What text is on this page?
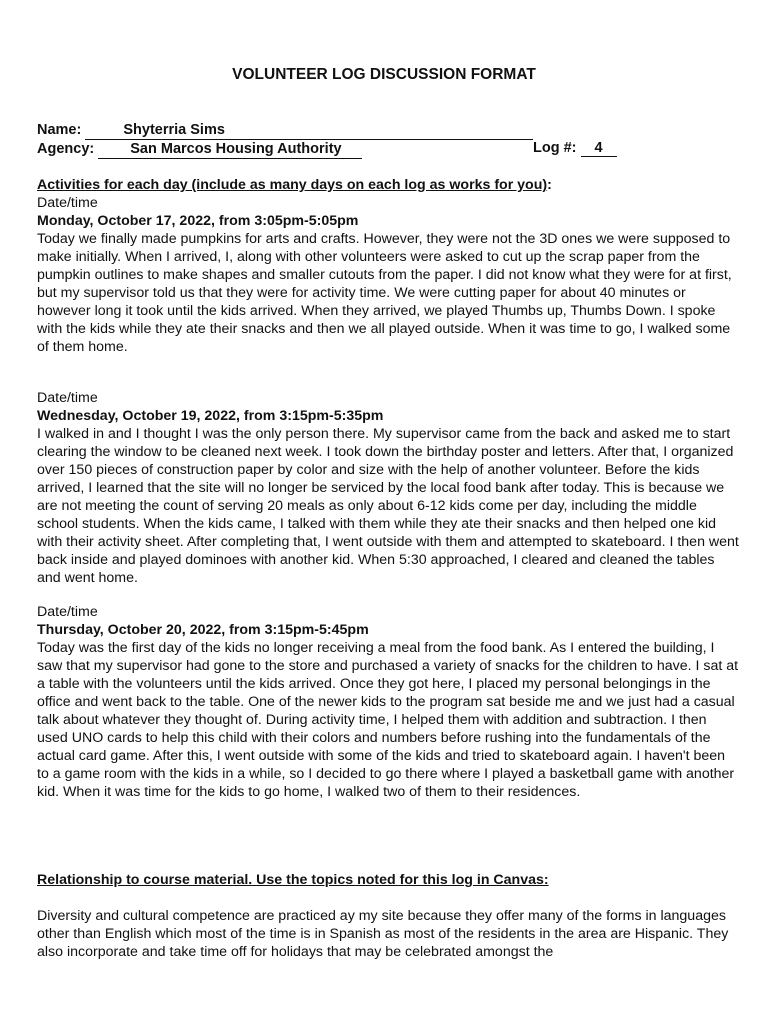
VOLUNTEER LOG DISCUSSION FORMAT
Name:	Shyterria Sims
Agency: San Marcos Housing Authority	Log #: 4

Activities for each day (include as many days on each log as works for you):

Date/time

Monday, October 17, 2022, from 3:05pm-5:05pm

Today we finally made pumpkins for arts and crafts. However, they were not the 3D ones we were supposed to make initially. When I arrived, I, along with other volunteers were asked to cut up the scrap paper from the pumpkin outlines to make shapes and smaller cutouts from the paper. I did not know what they were for at first, but my supervisor told us that they were for activity time. We were cutting paper for about 40 minutes or however long it took until the kids arrived. When they arrived, we played Thumbs up, Thumbs Down. I spoke with the kids while they ate their snacks and then we all played outside. When it was time to go, I walked some of them home.

Date/time

Wednesday, October 19, 2022, from 3:15pm-5:35pm

I walked in and I thought I was the only person there. My supervisor came from the back and asked me to start clearing the window to be cleaned next week. I took down the birthday poster and letters. After that, I organized over 150 pieces of construction paper by color and size with the help of another volunteer. Before the kids arrived, I learned that the site will no longer be serviced by the local food bank after today. This is because we are not meeting the count of serving 20 meals as only about 6-12 kids come per day, including the middle school students. When the kids came, I talked with them while they ate their snacks and then helped one kid with their activity sheet. After completing that, I went outside with them and attempted to skateboard. I then went back inside and played dominoes with another kid. When 5:30 approached, I cleared and cleaned the tables and went home.

Date/time

Thursday, October 20, 2022, from 3:15pm-5:45pm

Today was the first day of the kids no longer receiving a meal from the food bank. As I entered the building, I saw that my supervisor had gone to the store and purchased a variety of snacks for the children to have. I sat at a table with the volunteers until the kids arrived. Once they got here, I placed my personal belongings in the office and went back to the table. One of the newer kids to the program sat beside me and we just had a casual talk about whatever they thought of. During activity time, I helped them with addition and subtraction. I then used UNO cards to help this child with their colors and numbers before rushing into the fundamentals of the actual card game. After this, I went outside with some of the kids and tried to skateboard again. I haven't been to a game room with the kids in a while, so I decided to go there where I played a basketball game with another kid. When it was time for the kids to go home, I walked two of them to their residences.

Relationship to course material. Use the topics noted for this log in Canvas:

Diversity and cultural competence are practiced ay my site because they offer many of the forms in languages other than English which most of the time is in Spanish as most of the residents in the area are Hispanic. They also incorporate and take time off for holidays that may be celebrated amongst the
